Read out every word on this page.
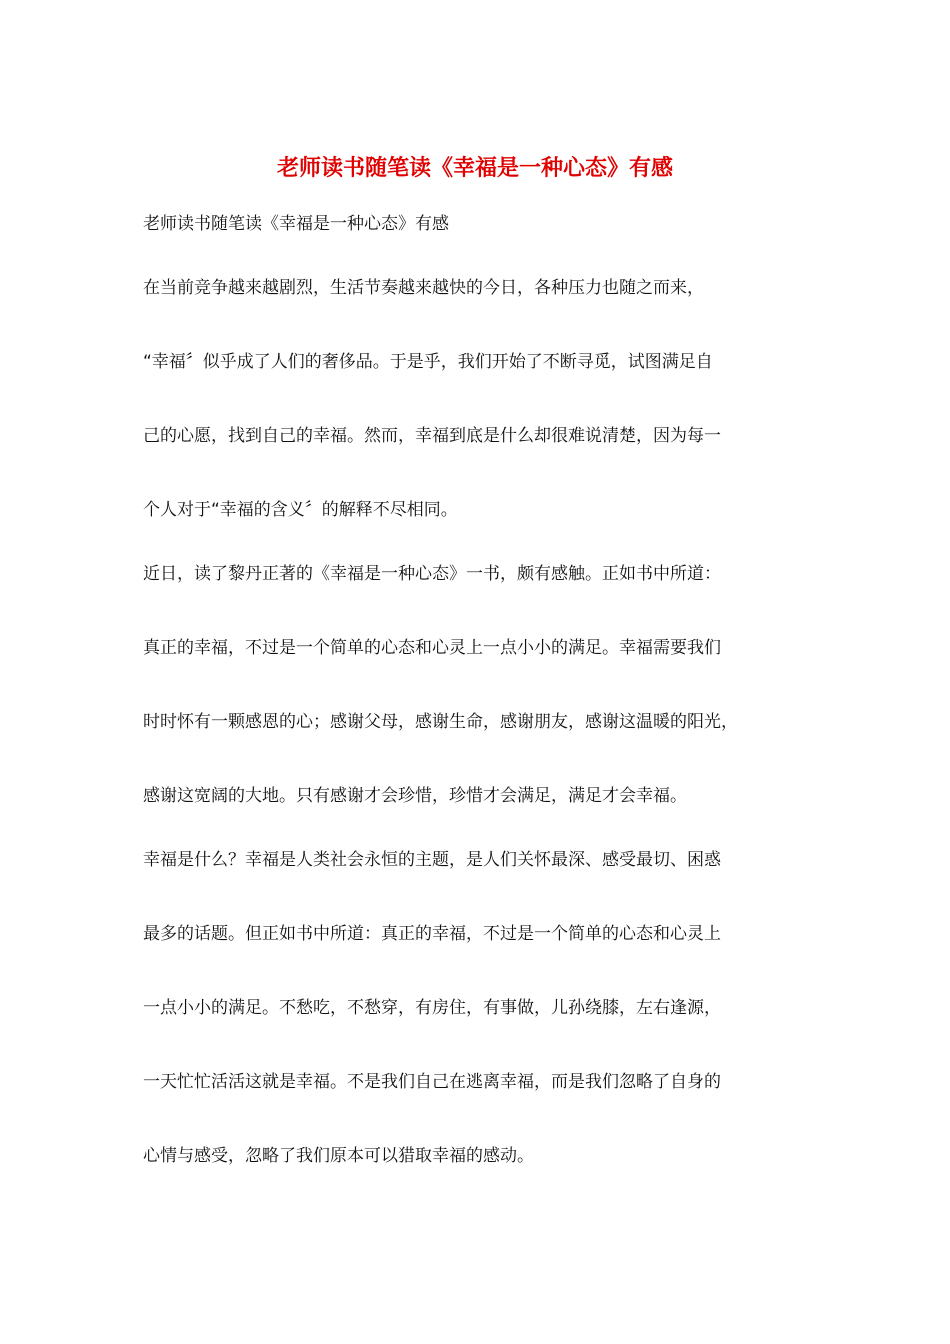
老师读书随笔读《幸福是一种心态》有感
老师读书随笔读《幸福是一种心态》有感
在当前竞争越来越剧烈，生活节奏越来越快的今日，各种压力也随之而来，
“幸福〞似乎成了人们的奢侈品。于是乎，我们开始了不断寻觅，试图满足自
己的心愿，找到自己的幸福。然而，幸福到底是什么却很难说清楚，因为每一
个人对于“幸福的含义〞的解释不尽相同。
近日，读了黎丹正著的《幸福是一种心态》一书，颇有感触。正如书中所道：
真正的幸福，不过是一个简单的心态和心灵上一点小小的满足。幸福需要我们
时时怀有一颗感恩的心；感谢父母，感谢生命，感谢朋友，感谢这温暖的阳光，
感谢这宽阔的大地。只有感谢才会珍惜，珍惜才会满足，满足才会幸福。
幸福是什么？幸福是人类社会永恒的主题，是人们关怀最深、感受最切、困惑
最多的话题。但正如书中所道：真正的幸福，不过是一个简单的心态和心灵上
一点小小的满足。不愁吃，不愁穿，有房住，有事做，儿孙绕膝，左右逢源，
一天忙忙活活这就是幸福。不是我们自己在逃离幸福，而是我们忽略了自身的
心情与感受，忽略了我们原本可以猎取幸福的感动。
